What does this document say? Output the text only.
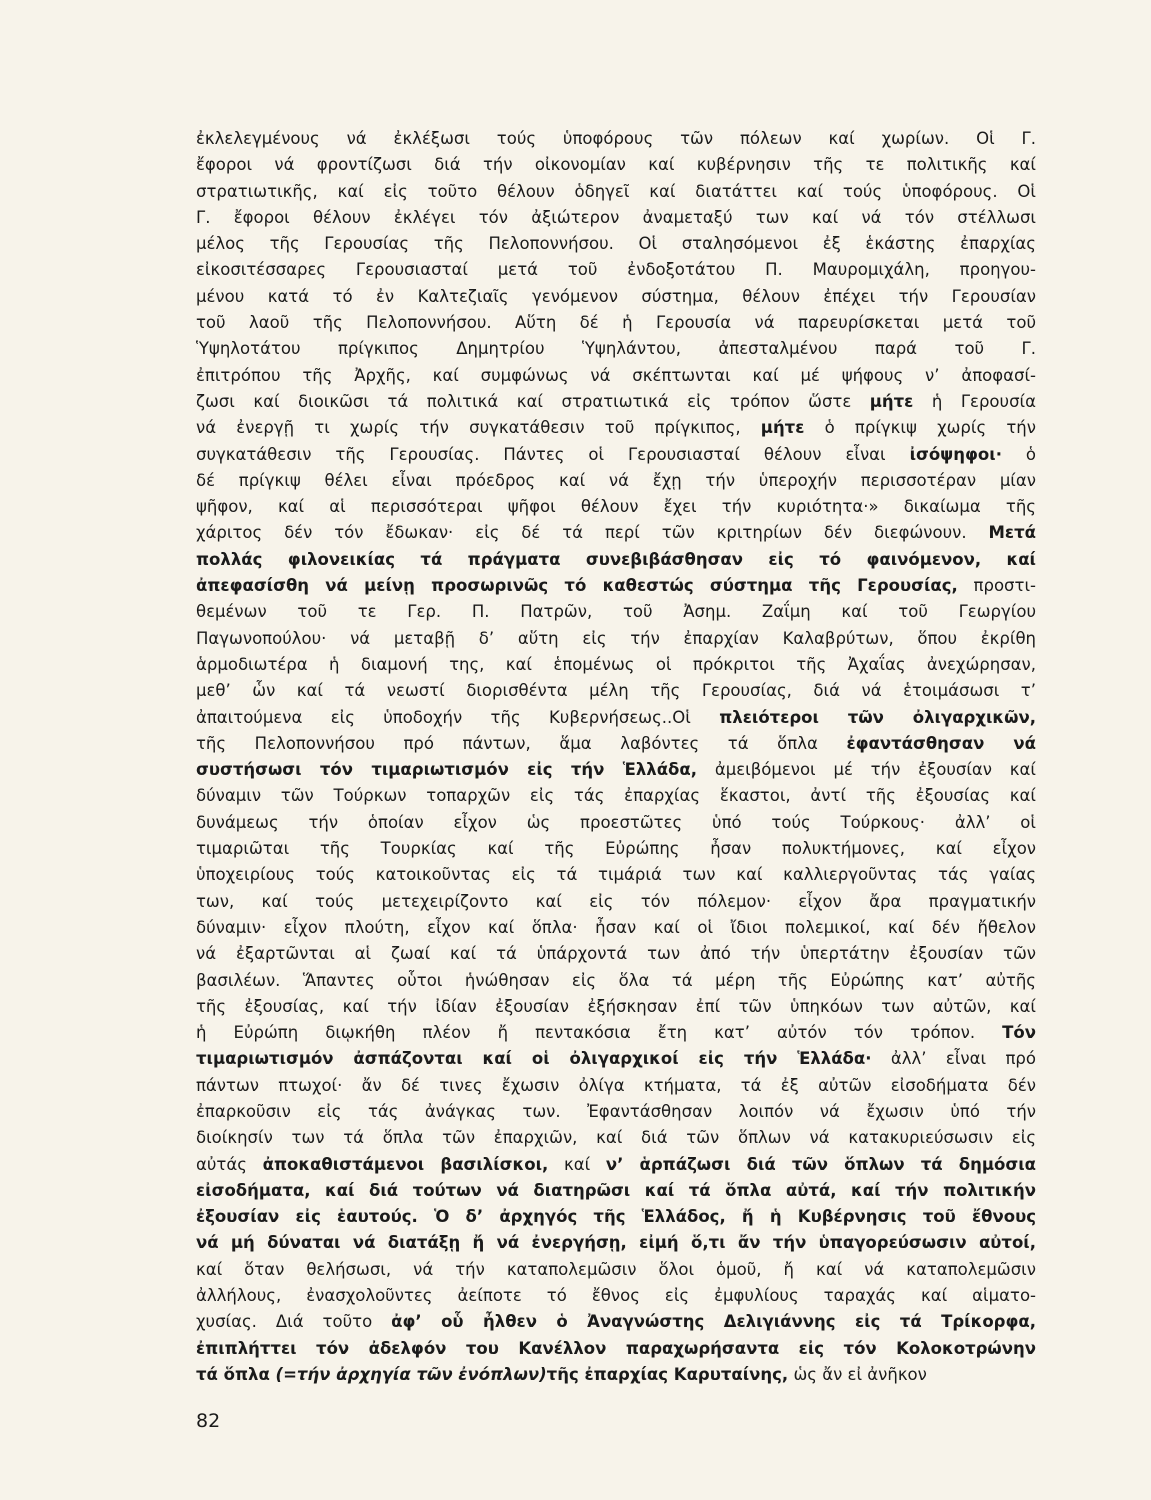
ἐκλελεγμένους νά ἐκλέξωσι τούς ὑποφόρους τῶν πόλεων καί χωρίων. Οἱ Γ.
ἔφοροι νά φροντίζωσι διά τήν οἰκονομίαν καί κυβέρνησιν τῆς τε πολιτικῆς καί
στρατιωτικῆς, καί εἰς τοῦτο θέλουν ὁδηγεῖ καί διατάττει καί τούς ὑποφόρους. Οἱ
Γ. ἔφοροι θέλουν ἐκλέγει τόν ἀξιώτερον ἀναμεταξύ των καί νά τόν στέλλωσι
μέλος τῆς Γερουσίας τῆς Πελοποννήσου. Οἱ σταλησόμενοι ἐξ ἑκάστης ἐπαρχίας
εἰκοσιτέσσαρες Γερουσιασταί μετά τοῦ ἐνδοξοτάτου Π. Μαυρομιχάλη, προηγου-
μένου κατά τό ἐν Καλτεζιαῖς γενόμενον σύστημα, θέλουν ἐπέχει τήν Γερουσίαν
τοῦ λαοῦ τῆς Πελοποννήσου. Αὕτη δέ ἡ Γερουσία νά παρευρίσκεται μετά τοῦ
Ὑψηλοτάτου πρίγκιπος Δημητρίου Ὑψηλάντου, ἀπεσταλμένου παρά τοῦ Γ.
ἐπιτρόπου τῆς Ἀρχῆς, καί συμφώνως νά σκέπτωνται καί μέ ψήφους ν’ ἀποφασί-
ζωσι καί διοικῶσι τά πολιτικά καί στρατιωτικά εἰς τρόπον ὥστε μήτε ἡ Γερουσία
νά ἐνεργῇ τι χωρίς τήν συγκατάθεσιν τοῦ πρίγκιπος, μήτε ὁ πρίγκιψ χωρίς τήν
συγκατάθεσιν τῆς Γερουσίας. Πάντες οἱ Γερουσιασταί θέλουν εἶναι ἰσόψηφοι· ὁ
δέ πρίγκιψ θέλει εἶναι πρόεδρος καί νά ἔχῃ τήν ὑπεροχήν περισσοτέραν μίαν
ψῆφον, καί αἱ περισσότεραι ψῆφοι θέλουν ἔχει τήν κυριότητα·» δικαίωμα τῆς
χάριτος δέν τόν ἔδωκαν· εἰς δέ τά περί τῶν κριτηρίων δέν διεφώνουν. Μετά
πολλάς φιλονεικίας τά πράγματα συνεβιβάσθησαν εἰς τό φαινόμενον, καί
ἀπεφασίσθη νά μείνῃ προσωρινῶς τό καθεστώς σύστημα τῆς Γερουσίας, προστι-
θεμένων τοῦ τε Γερ. Π. Πατρῶν, τοῦ Ἀσημ. Ζαΐμη καί τοῦ Γεωργίου
Παγωνοπούλου· νά μεταβῇ δ’ αὕτη εἰς τήν ἐπαρχίαν Καλαβρύτων, ὅπου ἐκρίθη
ἁρμοδιωτέρα ἡ διαμονή της, καί ἑπομένως οἱ πρόκριτοι τῆς Ἀχαΐας ἀνεχώρησαν,
μεθ’ ὧν καί τά νεωστί διορισθέντα μέλη τῆς Γερουσίας, διά νά ἑτοιμάσωσι τ’
ἀπαιτούμενα εἰς ὑποδοχήν τῆς Κυβερνήσεως..Οἱ πλειότεροι τῶν ὀλιγαρχικῶν,
τῆς Πελοποννήσου πρό πάντων, ἅμα λαβόντες τά ὅπλα ἐφαντάσθησαν νά
συστήσωσι τόν τιμαριωτισμόν εἰς τήν Ἑλλάδα, ἀμειβόμενοι μέ τήν ἐξουσίαν καί
δύναμιν τῶν Τούρκων τοπαρχῶν εἰς τάς ἐπαρχίας ἕκαστοι, ἀντί τῆς ἐξουσίας καί
δυνάμεως τήν ὁποίαν εἶχον ὡς προεστῶτες ὑπό τούς Τούρκους· ἀλλ’ οἱ
τιμαριῶται τῆς Τουρκίας καί τῆς Εὐρώπης ἦσαν πολυκτήμονες, καί εἶχον
ὑποχειρίους τούς κατοικοῦντας εἰς τά τιμάριά των καί καλλιεργοῦντας τάς γαίας
των, καί τούς μετεχειρίζοντο καί εἰς τόν πόλεμον· εἶχον ἄρα πραγματικήν
δύναμιν· εἶχον πλούτη, εἶχον καί ὅπλα· ἦσαν καί οἱ ἴδιοι πολεμικοί, καί δέν ἤθελον
νά ἐξαρτῶνται αἱ ζωαί καί τά ὑπάρχοντά των ἀπό τήν ὑπερτάτην ἐξουσίαν τῶν
βασιλέων. Ἅπαντες οὗτοι ἡνώθησαν εἰς ὅλα τά μέρη τῆς Εὐρώπης κατ’ αὐτῆς
τῆς ἐξουσίας, καί τήν ἰδίαν ἐξουσίαν ἐξήσκησαν ἐπί τῶν ὑπηκόων των αὐτῶν, καί
ἡ Εὐρώπη διῳκήθη πλέον ἤ πεντακόσια ἔτη κατ’ αὐτόν τόν τρόπον. Τόν
τιμαριωτισμόν ἀσπάζονται καί οἱ ὀλιγαρχικοί εἰς τήν Ἑλλάδα· ἀλλ’ εἶναι πρό
πάντων πτωχοί· ἄν δέ τινες ἔχωσιν ὀλίγα κτήματα, τά ἐξ αὐτῶν εἰσοδήματα δέν
ἐπαρκοῦσιν εἰς τάς ἀνάγκας των. Ἐφαντάσθησαν λοιπόν νά ἔχωσιν ὑπό τήν
διοίκησίν των τά ὅπλα τῶν ἐπαρχιῶν, καί διά τῶν ὅπλων νά κατακυριεύσωσιν εἰς
αὐτάς ἀποκαθιστάμενοι βασιλίσκοι, καί ν’ ἁρπάζωσι διά τῶν ὅπλων τά δημόσια
εἰσοδήματα, καί διά τούτων νά διατηρῶσι καί τά ὅπλα αὐτά, καί τήν πολιτικήν
ἐξουσίαν εἰς ἑαυτούς. Ὁ δ’ ἀρχηγός τῆς Ἑλλάδος, ἤ ἡ Κυβέρνησις τοῦ ἔθνους
νά μή δύναται νά διατάξῃ ἤ νά ἐνεργήσῃ, εἰμή ὅ,τι ἄν τήν ὑπαγορεύσωσιν αὐτοί,
καί ὅταν θελήσωσι, νά τήν καταπολεμῶσιν ὅλοι ὁμοῦ, ἤ καί νά καταπολεμῶσιν
ἀλλήλους, ἐνασχολοῦντες ἀείποτε τό ἔθνος εἰς ἐμφυλίους ταραχάς καί αἱματο-
χυσίας. Διά τοῦτο ἀφ’ οὗ ἦλθεν ὁ Ἀναγνώστης Δελιγιάννης εἰς τά Τρίκορφα,
ἐπιπλήττει τόν ἀδελφόν του Κανέλλον παραχωρήσαντα εἰς τόν Κολοκοτρώνην
τά ὅπλα (=τήν ἀρχηγία τῶν ἐνόπλων)τῆς ἐπαρχίας Καρυταίνης, ὡς ἄν εἰ ἀνῆκον
82
